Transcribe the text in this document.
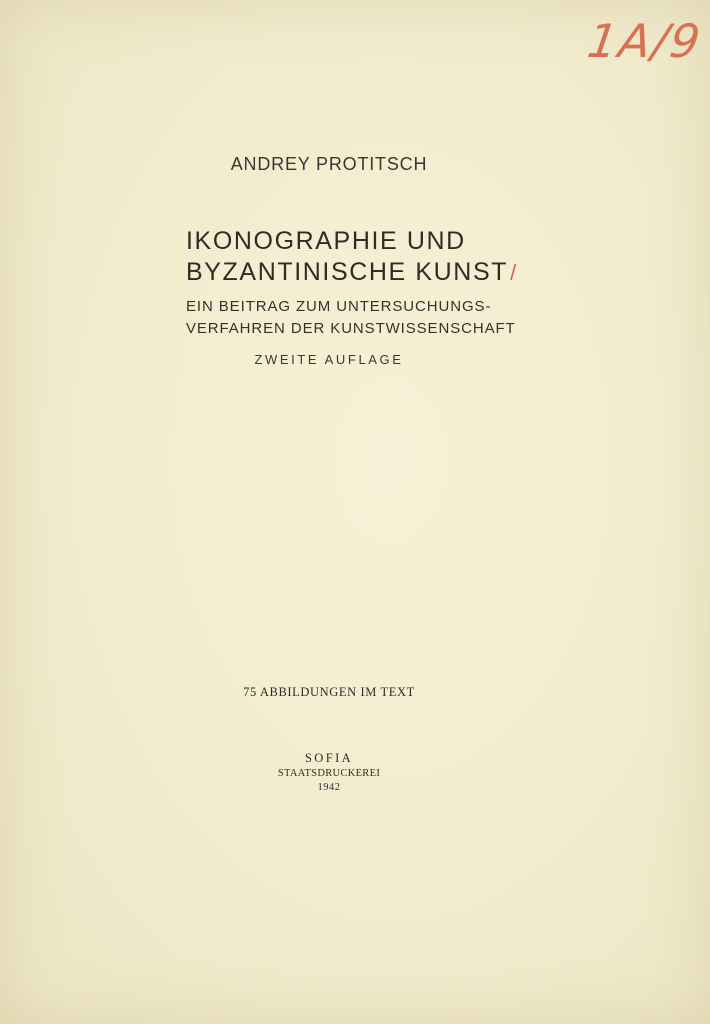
1A/9
ANDREY PROTITSCH
IKONOGRAPHIE UND
BYZANTINISCHE KUNST/
EIN BEITRAG ZUM UNTERSUCHUNGS-
VERFAHREN DER KUNSTWISSENSCHAFT
ZWEITE AUFLAGE
75 ABBILDUNGEN IM TEXT
SOFIA
STAATSDRUCKEREI
1942
